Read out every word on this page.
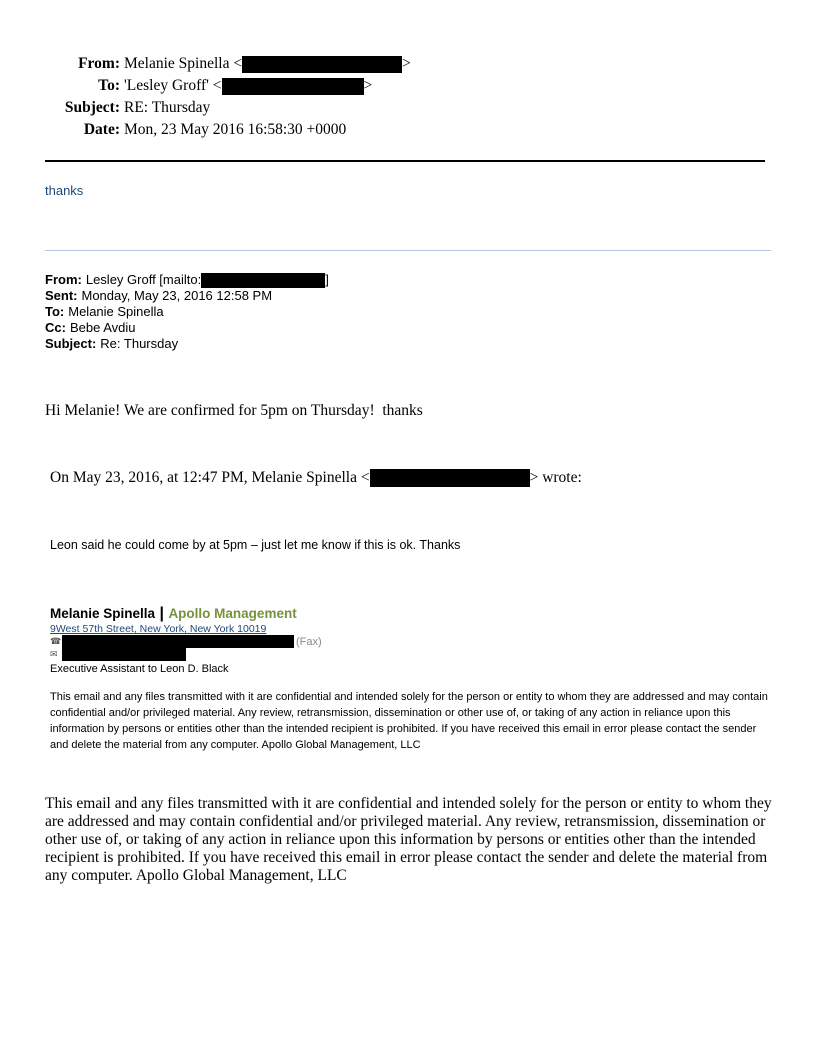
From: Melanie Spinella <	>
To: 'Lesley Groff' <	>
Subject: RE: Thursday
Date: Mon, 23 May 2016 16:58:30 +0000
thanks
From: Lesley Groff [mailto:	]
Sent: Monday, May 23, 2016 12:58 PM
To: Melanie Spinella
Cc: Bebe Avdiu
Subject: Re: Thursday
Hi Melanie! We are confirmed for 5pm on Thursday!  thanks
On May 23, 2016, at 12:47 PM, Melanie Spinella <	> wrote:
Leon said he could come by at 5pm – just let me know if this is ok. Thanks
Melanie Spinella | Apollo Management
9West 57th Street, New York, New York 10019
☎	(Fax)
✉
Executive Assistant to Leon D. Black
This email and any files transmitted with it are confidential and intended solely for the person or entity to whom they are addressed and may contain confidential and/or privileged material. Any review, retransmission, dissemination or other use of, or taking of any action in reliance upon this information by persons or entities other than the intended recipient is prohibited. If you have received this email in error please contact the sender and delete the material from any computer. Apollo Global Management, LLC
This email and any files transmitted with it are confidential and intended solely for the person or entity to whom they are addressed and may contain confidential and/or privileged material. Any review, retransmission, dissemination or other use of, or taking of any action in reliance upon this information by persons or entities other than the intended recipient is prohibited. If you have received this email in error please contact the sender and delete the material from any computer. Apollo Global Management, LLC
